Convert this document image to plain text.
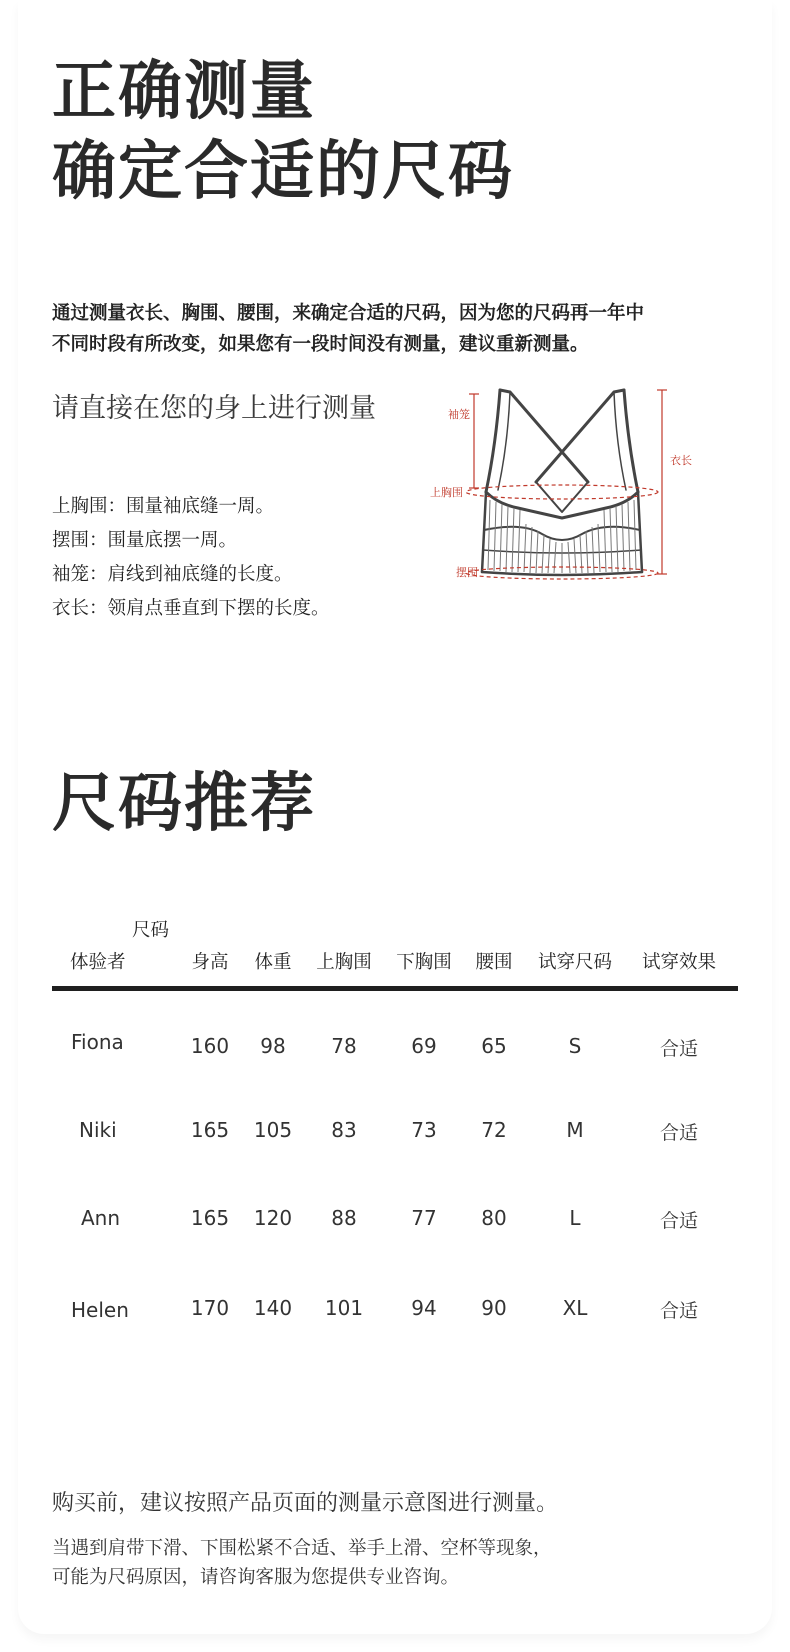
正确测量
确定合适的尺码
通过测量衣长、胸围、腰围，来确定合适的尺码，因为您的尺码再一年中
不同时段有所改变，如果您有一段时间没有测量，建议重新测量。
请直接在您的身上进行测量
上胸围：围量袖底缝一周。
摆围：围量底摆一周。
袖笼：肩线到袖底缝的长度。
衣长：领肩点垂直到下摆的长度。
袖笼
上胸围
摆围
衣长
尺码推荐
尺码
体验者	身高 体重 上胸围 下胸围 腰围 试穿尺码 试穿效果
Fiona	160 98 78	69 65	S	合适
Niki	165 105 83	73 72	M	合适
Ann	165 120 88	77 80	L	合适
Helen	170 140 101 94 90	XL	合适
购买前，建议按照产品页面的测量示意图进行测量。
当遇到肩带下滑、下围松紧不合适、举手上滑、空杯等现象，
可能为尺码原因，请咨询客服为您提供专业咨询。
